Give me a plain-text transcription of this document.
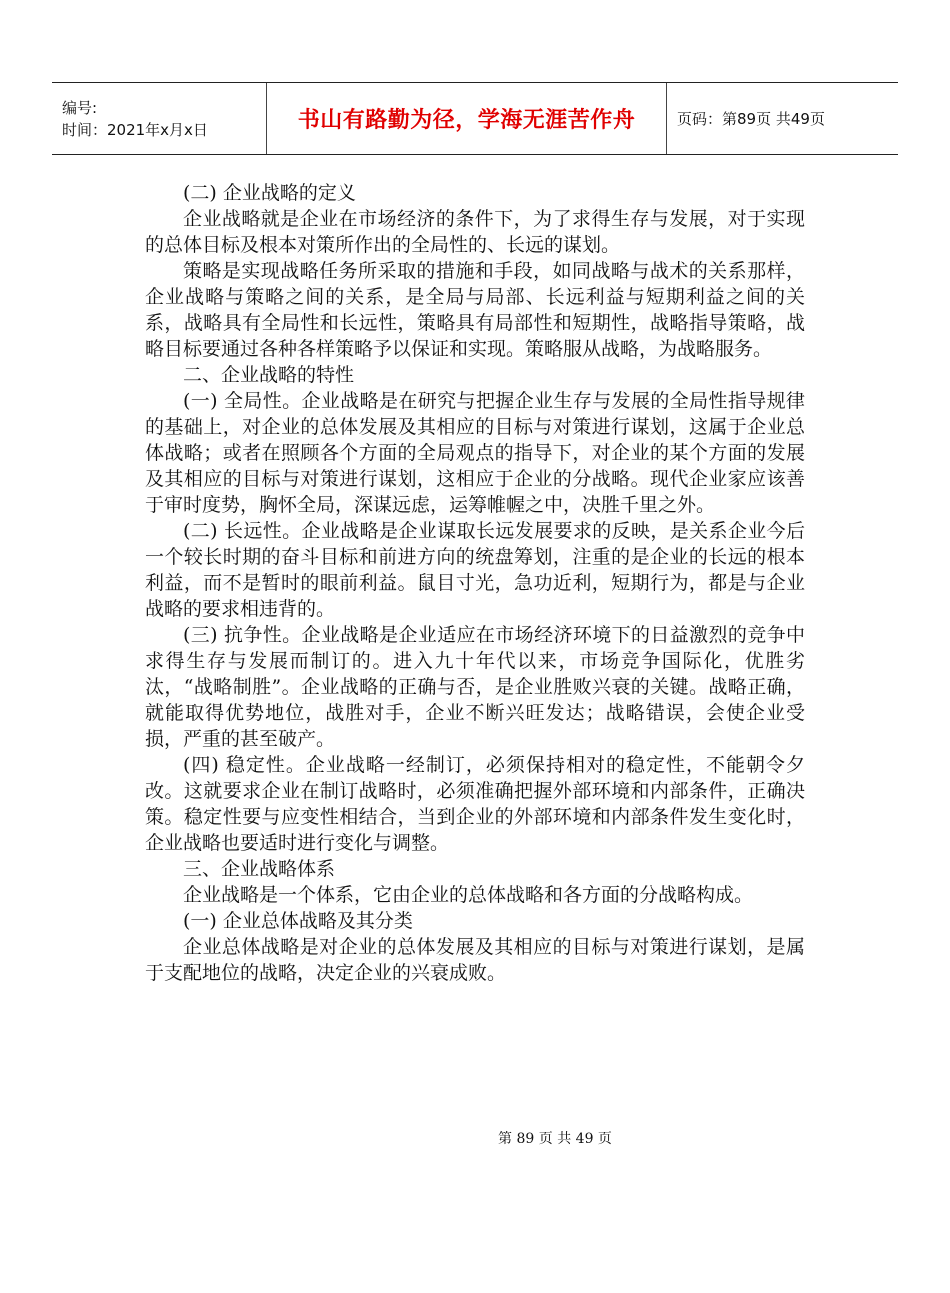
编号:
时间：2021年x月x日	书山有路勤为径，学海无涯苦作舟	页码：第89页 共49页

(二) 企业战略的定义

企业战略就是企业在市场经济的条件下，为了求得生存与发展，对于实现的总体目标及根本对策所作出的全局性的、长远的谋划。

策略是实现战略任务所采取的措施和手段，如同战略与战术的关系那样，企业战略与策略之间的关系，是全局与局部、长远利益与短期利益之间的关系，战略具有全局性和长远性，策略具有局部性和短期性，战略指导策略，战略目标要通过各种各样策略予以保证和实现。策略服从战略，为战略服务。

二、企业战略的特性

(一) 全局性。企业战略是在研究与把握企业生存与发展的全局性指导规律的基础上，对企业的总体发展及其相应的目标与对策进行谋划，这属于企业总体战略；或者在照顾各个方面的全局观点的指导下，对企业的某个方面的发展及其相应的目标与对策进行谋划，这相应于企业的分战略。现代企业家应该善于审时度势，胸怀全局，深谋远虑，运筹帷幄之中，决胜千里之外。

(二) 长远性。企业战略是企业谋取长远发展要求的反映，是关系企业今后一个较长时期的奋斗目标和前进方向的统盘筹划，注重的是企业的长远的根本利益，而不是暂时的眼前利益。鼠目寸光，急功近利，短期行为，都是与企业战略的要求相违背的。

(三) 抗争性。企业战略是企业适应在市场经济环境下的日益激烈的竞争中求得生存与发展而制订的。进入九十年代以来，市场竞争国际化，优胜劣汰，“战略制胜”。企业战略的正确与否，是企业胜败兴衰的关键。战略正确，就能取得优势地位，战胜对手，企业不断兴旺发达；战略错误，会使企业受损，严重的甚至破产。

(四) 稳定性。企业战略一经制订，必须保持相对的稳定性，不能朝令夕改。这就要求企业在制订战略时，必须准确把握外部环境和内部条件，正确决策。稳定性要与应变性相结合，当到企业的外部环境和内部条件发生变化时，企业战略也要适时进行变化与调整。

三、企业战略体系

企业战略是一个体系，它由企业的总体战略和各方面的分战略构成。

(一) 企业总体战略及其分类

企业总体战略是对企业的总体发展及其相应的目标与对策进行谋划，是属于支配地位的战略，决定企业的兴衰成败。

第 89 页 共 49 页
